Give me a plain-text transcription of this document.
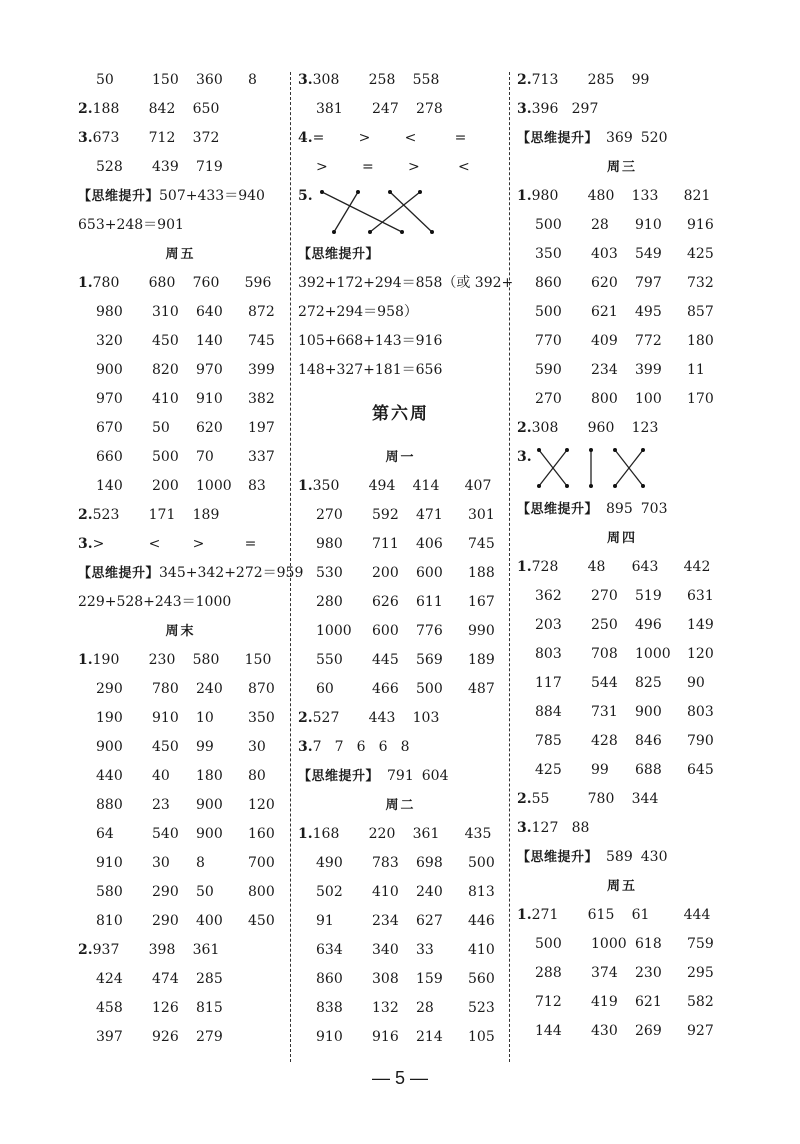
50	150 360 8
2.188 842 650
3.673 712 372
528 439 719
【思维提升】507+433＝940
653+248＝901
周五
1.780 680 760 596
980 310 640 872
320 450 140 745
900 820 970 399
970 410 910 382
670 50 620 197
660 500 70 337
140 200 1000 83
2.523 171 189
3.>	< >	=
【思维提升】345+342+272＝959
229+528+243＝1000
周末
1.190 230 580 150
290 780 240 870
190 910 10 350
900 450 99 30
440 40 180 80
880 23 900 120
64	540 900 160
910 30 8	700
580 290 50 800
810 290 400 450
2.937 398 361
424 474 285
458 126 815
397 926 279
3.308 258 558
381 247 278
4.= > <	=
> = >	<
5.
【思维提升】
392+172+294＝858（或 392+
272+294＝958）
105+668+143＝916
148+327+181＝656
第六周
周一
1.350 494 414 407
270 592 471 301
980 711 406 745
530 200 600 188
280 626 611 167
1000 600 776 990
550 445 569 189
60	466 500 487
2.527 443 103
3.7 7 6 6 8
【思维提升】 791 604
周二
1.168 220 361 435
490 783 698 500
502 410 240 813
91	234 627 446
634 340 33 410
860 308 159 560
838 132 28 523
910 916 214 105
2.713 285 99
3.396 297
【思维提升】 369 520
周三
1.980 480 133 821
500 28 910 916
350 403 549 425
860 620 797 732
500 621 495 857
770 409 772 180
590 234 399 11
270 800 100 170
2.308 960 123
3.
【思维提升】 895 703
周四
1.728 48 643 442
362 270 519 631
203 250 496 149
803 708 1000 120
117 544 825 90
884 731 900 803
785 428 846 790
425 99 688 645
2.55	780 344
3.127 88
【思维提升】 589 430
周五
1.271 615 61 444
500 1000 618 759
288 374 230 295
712 419 621 582
144 430 269 927
— 5 —
